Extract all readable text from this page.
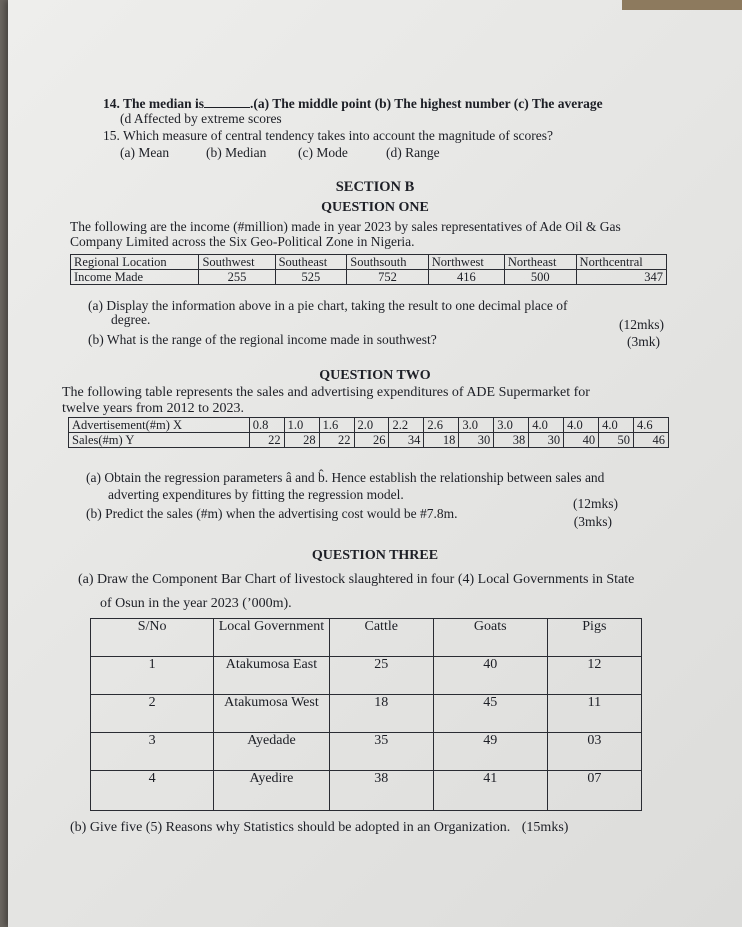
14. The median is	.(a) The middle point (b) The highest number (c) The average
(d Affected by extreme scores
15. Which measure of central tendency takes into account the magnitude of scores?
(a) Mean	(b) Median (c) Mode	(d) Range
SECTION B
QUESTION ONE
The following are the income (#million) made in year 2023 by sales representatives of Ade Oil & Gas
Company Limited across the Six Geo-Political Zone in Nigeria.
Regional Location	Southwest	Southeast	Southsouth	Northwest	Northeast	Northcentral
Income Made	255	525	752	416	500	347
(a) Display the information above in a pie chart, taking the result to one decimal place of
degree.	(12mks)
(b) What is the range of the regional income made in southwest?	(3mk)
QUESTION TWO
The following table represents the sales and advertising expenditures of ADE Supermarket for
twelve years from 2012 to 2023.
Advertisement(#m) X	0.8	1.0	1.6	2.0	2.2	2.6	3.0	3.0	4.0	4.0	4.0	4.6
Sales(#m) Y	22	28	22	26	34	18	30	38	30	40	50	46
(a) Obtain the regression parameters â and b̂. Hence establish the relationship between sales and
adverting expenditures by fitting the regression model.
(12mks)
(b) Predict the sales (#m) when the advertising cost would be #7.8m.
(3mks)
QUESTION THREE
(a) Draw the Component Bar Chart of livestock slaughtered in four (4) Local Governments in State
of Osun in the year 2023 (’000m).
S/No	Local Government	Cattle	Goats	Pigs
1	Atakumosa East	25	40	12
2	Atakumosa West	18	45	11
3	Ayedade	35	49	03
4	Ayedire	38	41	07
(b) Give five (5) Reasons why Statistics should be adopted in an Organization. (15mks)
